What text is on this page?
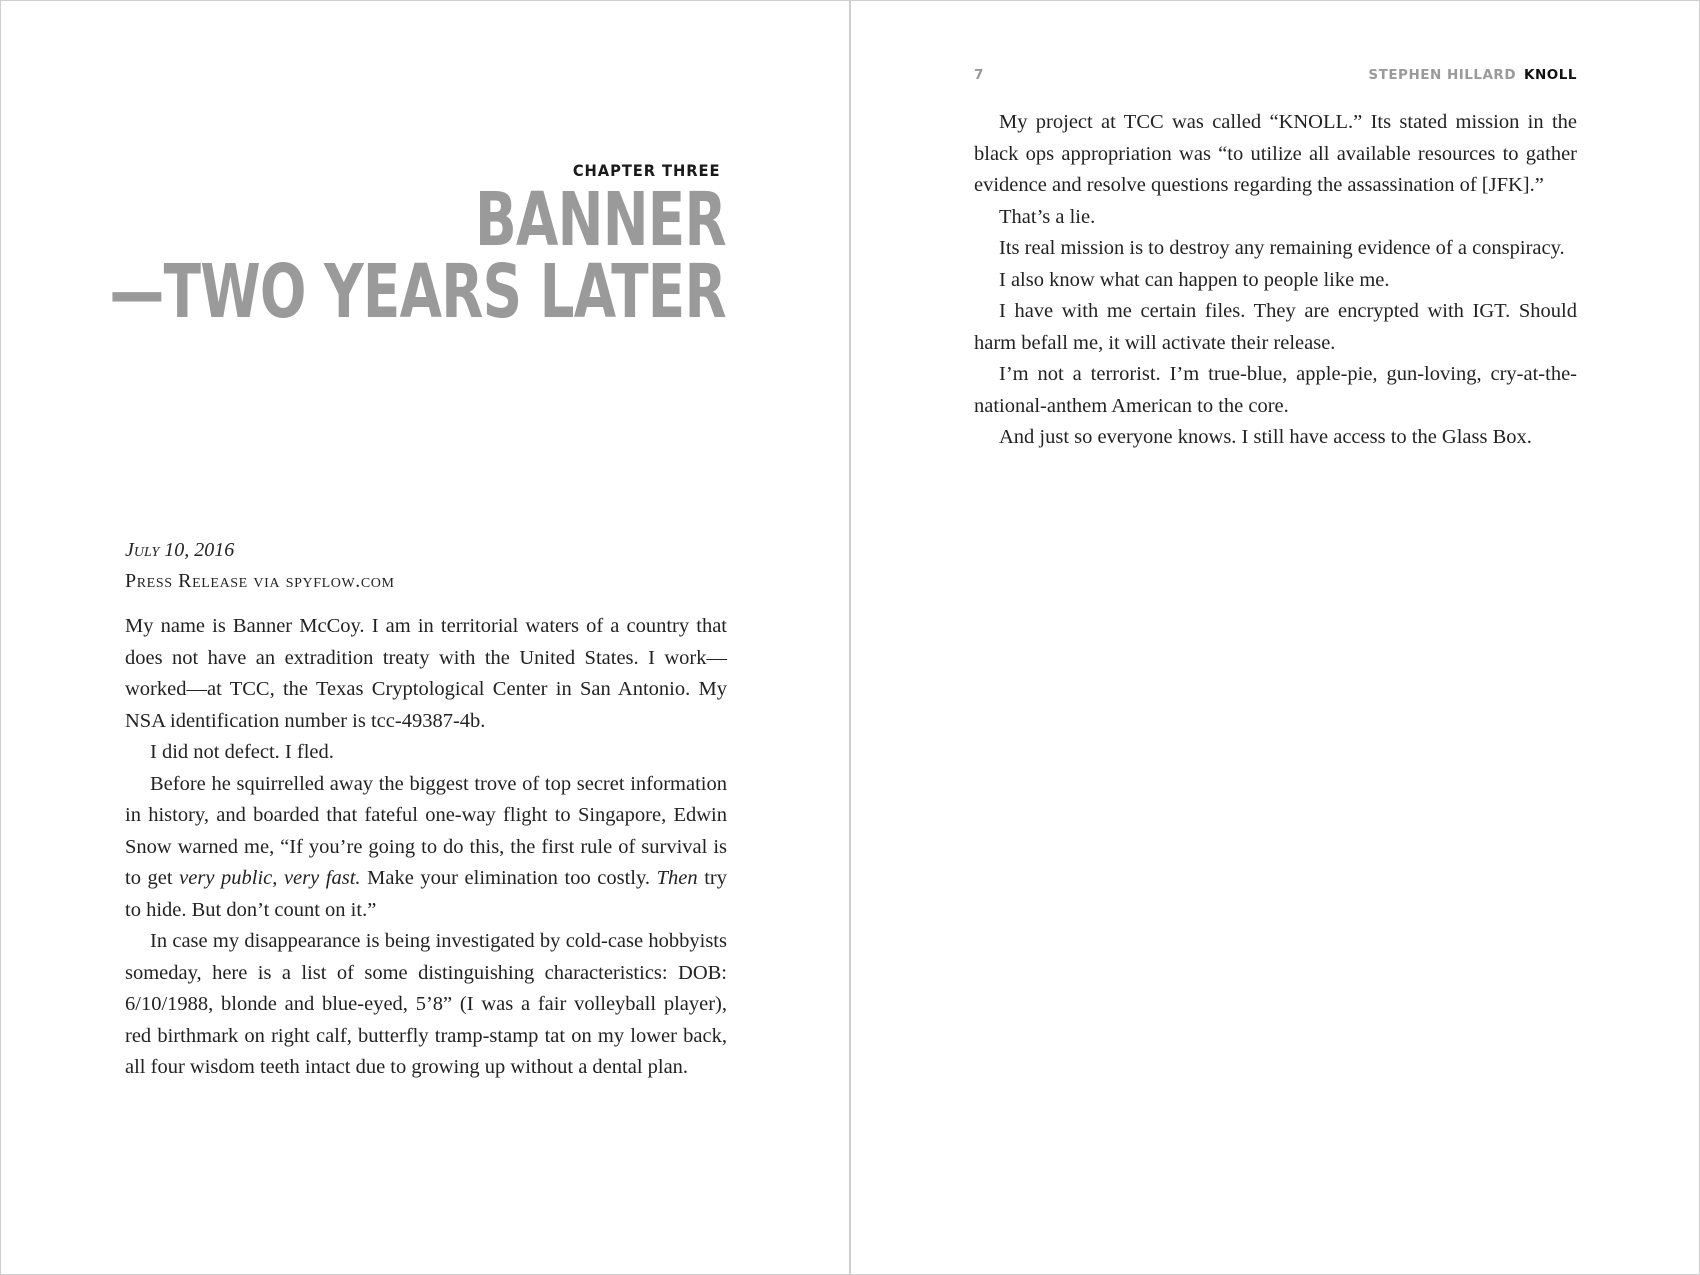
CHAPTER THREE
BANNER
—TWO YEARS LATER
July 10, 2016
Press Release via spyflow.com

My name is Banner McCoy. I am in territorial waters of a country that does not have an extradition treaty with the United States. I work—worked—at TCC, the Texas Cryptological Center in San Antonio. My NSA identification number is tcc-49387-4b.

I did not defect. I fled.

Before he squirrelled away the biggest trove of top secret information in history, and boarded that fateful one-way flight to Singapore, Edwin Snow warned me, “If you’re going to do this, the first rule of survival is to get very public, very fast. Make your elimination too costly. Then try to hide. But don’t count on it.”

In case my disappearance is being investigated by cold-case hobbyists someday, here is a list of some distinguishing characteristics: DOB: 6/10/1988, blonde and blue-eyed, 5’8” (I was a fair volleyball player), red birthmark on right calf, butterfly tramp-stamp tat on my lower back, all four wisdom teeth intact due to growing up without a dental plan.

7	STEPHEN HILLARD KNOLL

My project at TCC was called “KNOLL.” Its stated mission in the black ops appropriation was “to utilize all available resources to gather evidence and resolve questions regarding the assassination of [JFK].”

That’s a lie.

Its real mission is to destroy any remaining evidence of a conspiracy.

I also know what can happen to people like me.

I have with me certain files. They are encrypted with IGT. Should harm befall me, it will activate their release.

I’m not a terrorist. I’m true-blue, apple-pie, gun-loving, cry-at-the-national-anthem American to the core.

And just so everyone knows. I still have access to the Glass Box.
